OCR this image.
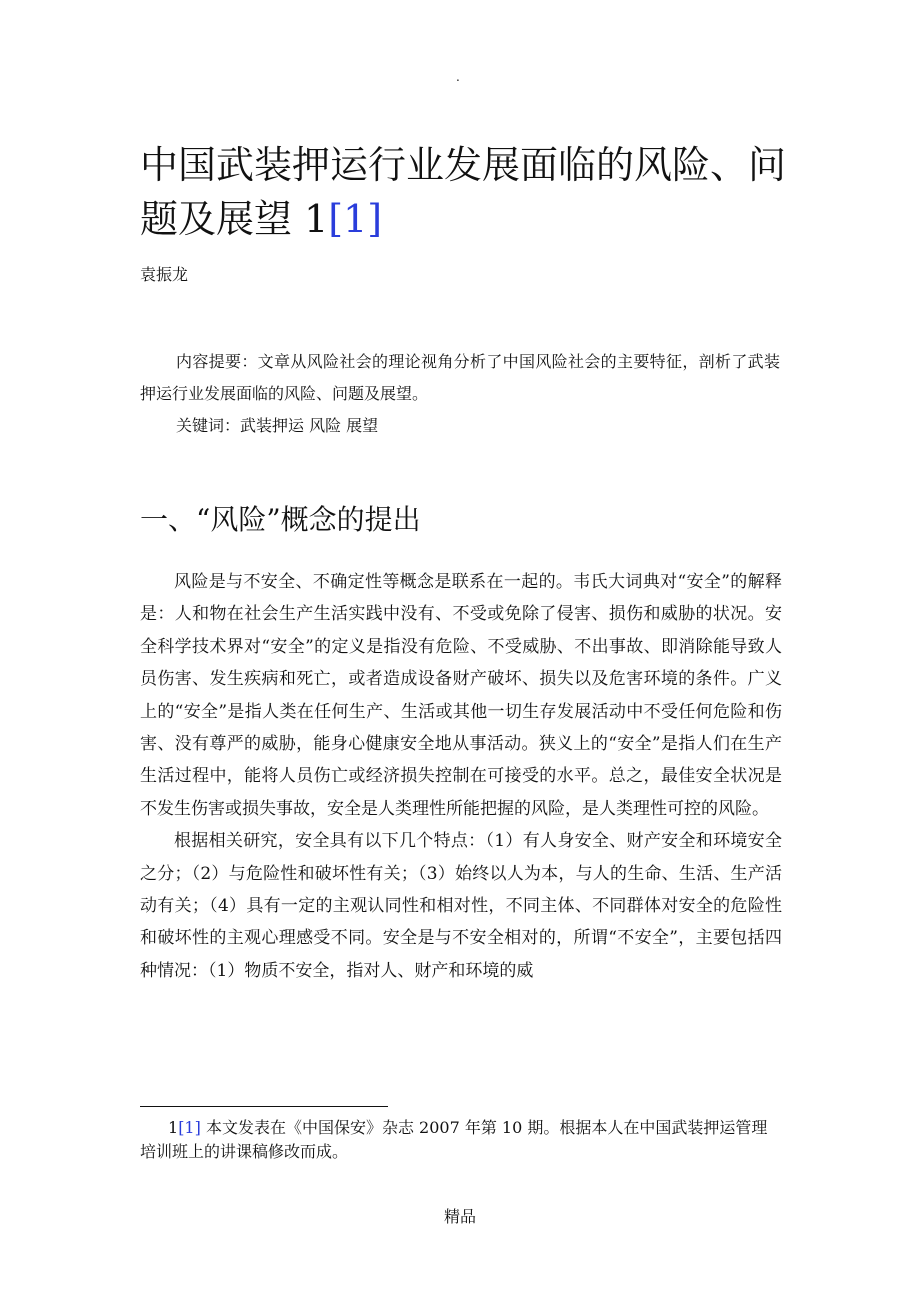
.
中国武装押运行业发展面临的风险、问
题及展望 1[1]
袁振龙

内容提要：文章从风险社会的理论视角分析了中国风险社会的主要特征，剖析了武装押运行业发展面临的风险、问题及展望。

关键词：武装押运 风险 展望

一、“风险”概念的提出

风险是与不安全、不确定性等概念是联系在一起的。韦氏大词典对“安全”的解释是：人和物在社会生产生活实践中没有、不受或免除了侵害、损伤和威胁的状况。安全科学技术界对“安全”的定义是指没有危险、不受威胁、不出事故、即消除能导致人员伤害、发生疾病和死亡，或者造成设备财产破坏、损失以及危害环境的条件。广义上的“安全”是指人类在任何生产、生活或其他一切生存发展活动中不受任何危险和伤害、没有尊严的威胁，能身心健康安全地从事活动。狭义上的“安全”是指人们在生产生活过程中，能将人员伤亡或经济损失控制在可接受的水平。总之，最佳安全状况是不发生伤害或损失事故，安全是人类理性所能把握的风险，是人类理性可控的风险。

根据相关研究，安全具有以下几个特点：（1）有人身安全、财产安全和环境安全之分；（2）与危险性和破坏性有关；（3）始终以人为本，与人的生命、生活、生产活动有关；（4）具有一定的主观认同性和相对性，不同主体、不同群体对安全的危险性和破坏性的主观心理感受不同。安全是与不安全相对的，所谓“不安全”，主要包括四种情况：（1）物质不安全，指对人、财产和环境的威

1[1] 本文发表在《中国保安》杂志 2007 年第 10 期。根据本人在中国武装押运管理培训班上的讲课稿修改而成。

精品
